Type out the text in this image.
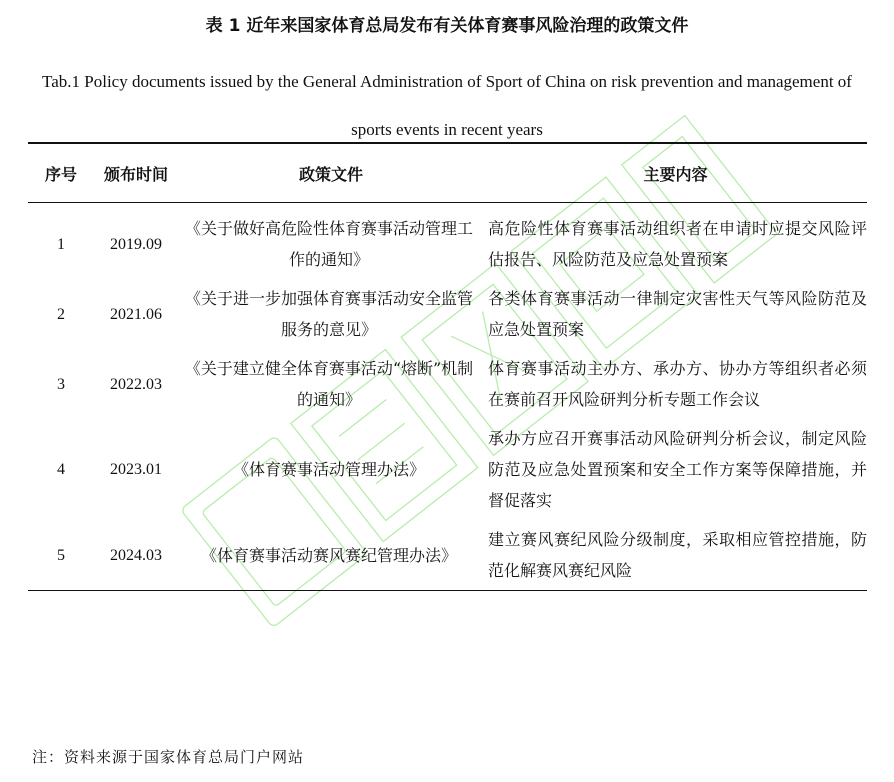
表 1 近年来国家体育总局发布有关体育赛事风险治理的政策文件
Tab.1 Policy documents issued by the General Administration of Sport of China on risk prevention and management of sports events in recent years
序号	颁布时间	政策文件	主要内容
1	2019.09	《关于做好高危险性体育赛事活动管理工作的通知》	高危险性体育赛事活动组织者在申请时应提交风险评估报告、风险防范及应急处置预案
2	2021.06	《关于进一步加强体育赛事活动安全监管服务的意见》	各类体育赛事活动一律制定灾害性天气等风险防范及应急处置预案
3	2022.03	《关于建立健全体育赛事活动“熔断”机制的通知》	体育赛事活动主办方、承办方、协办方等组织者必须在赛前召开风险研判分析专题工作会议
4	2023.01	《体育赛事活动管理办法》	承办方应召开赛事活动风险研判分析会议，制定风险防范及应急处置预案和安全工作方案等保障措施，并督促落实
5	2024.03	《体育赛事活动赛风赛纪管理办法》	建立赛风赛纪风险分级制度，采取相应管控措施，防范化解赛风赛纪风险
注：资料来源于国家体育总局门户网站
